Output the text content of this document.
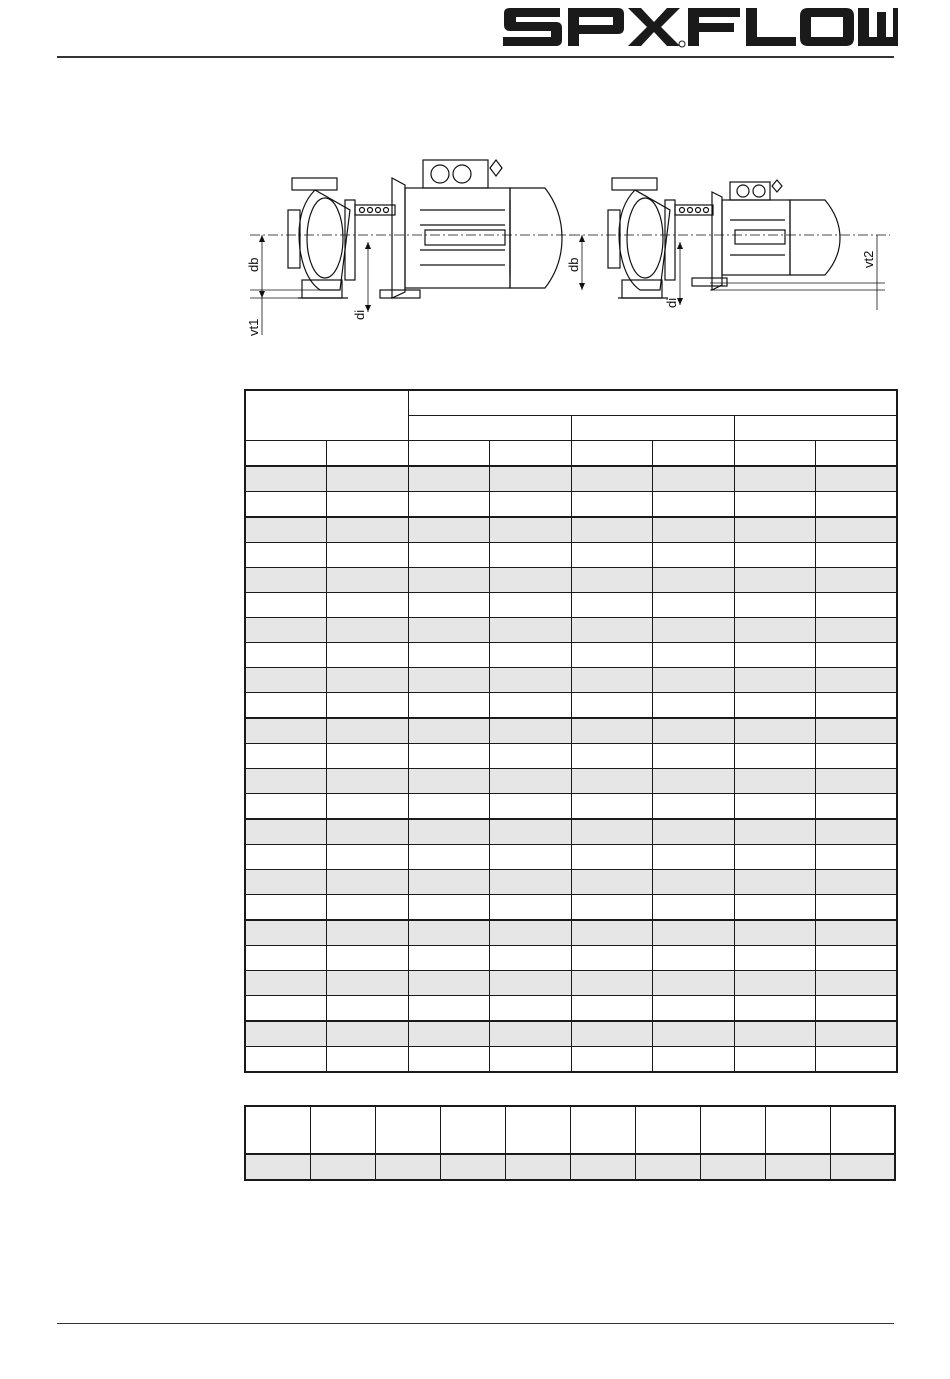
db
vt1
di
db
di
vt2
